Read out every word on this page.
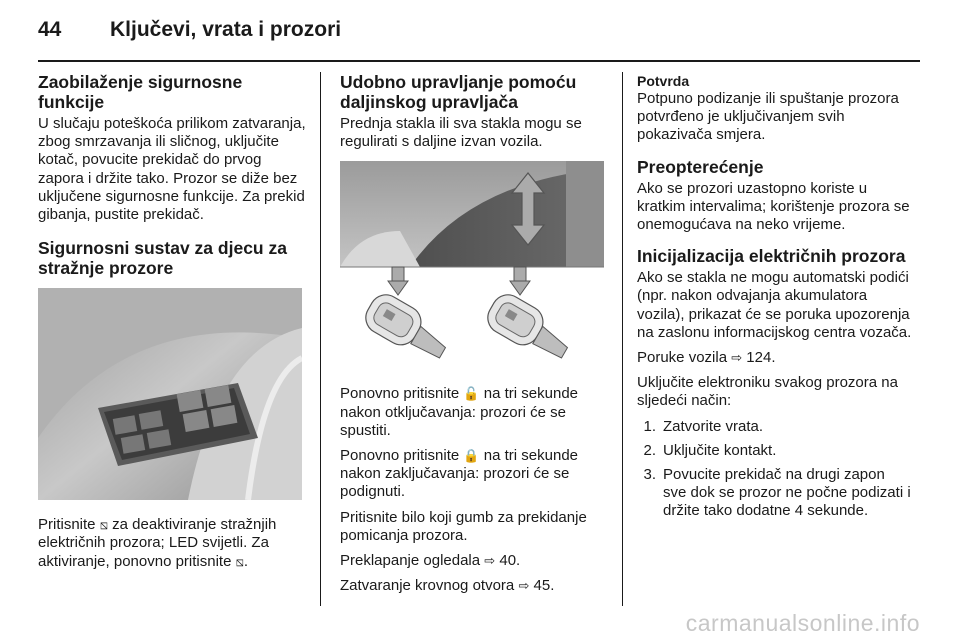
44	Ključevi, vrata i prozori
Zaobilaženje sigurnosne funkcije

U slučaju poteškoća prilikom zatvaranja, zbog smrzavanja ili sličnog, uključite kotač, povucite prekidač do prvog zapora i držite tako. Prozor se diže bez uključene sigurnosne funkcije. Za prekid gibanja, pustite prekidač.

Sigurnosni sustav za djecu za stražnje prozore

Pritisnite ⧅ za deaktiviranje stražnjih električnih prozora; LED svijetli. Za aktiviranje, ponovno pritisnite ⧅.

Udobno upravljanje pomoću daljinskog upravljača

Prednja stakla ili sva stakla mogu se regulirati s daljine izvan vozila.

Ponovno pritisnite 🔓 na tri sekunde nakon otključavanja: prozori će se spustiti.

Ponovno pritisnite 🔒 na tri sekunde nakon zaključavanja: prozori će se podignuti.

Pritisnite bilo koji gumb za prekidanje pomicanja prozora.

Preklapanje ogledala ⇨ 40.

Zatvaranje krovnog otvora ⇨ 45.

Potvrda

Potpuno podizanje ili spuštanje prozora potvrđeno je uključivanjem svih pokazivača smjera.

Preopterećenje

Ako se prozori uzastopno koriste u kratkim intervalima; korištenje prozora se onemogućava na neko vrijeme.

Inicijalizacija električnih prozora

Ako se stakla ne mogu automatski podići (npr. nakon odvajanja akumulatora vozila), prikazat će se poruka upozorenja na zaslonu informacijskog centra vozača.

Poruke vozila ⇨ 124.

Uključite elektroniku svakog prozora na sljedeći način:

1. Zatvorite vrata.
2. Uključite kontakt.
3. Povucite prekidač na drugi zapon sve dok se prozor ne počne podizati i držite tako dodatne 4 sekunde.
carmanualsonline.info
